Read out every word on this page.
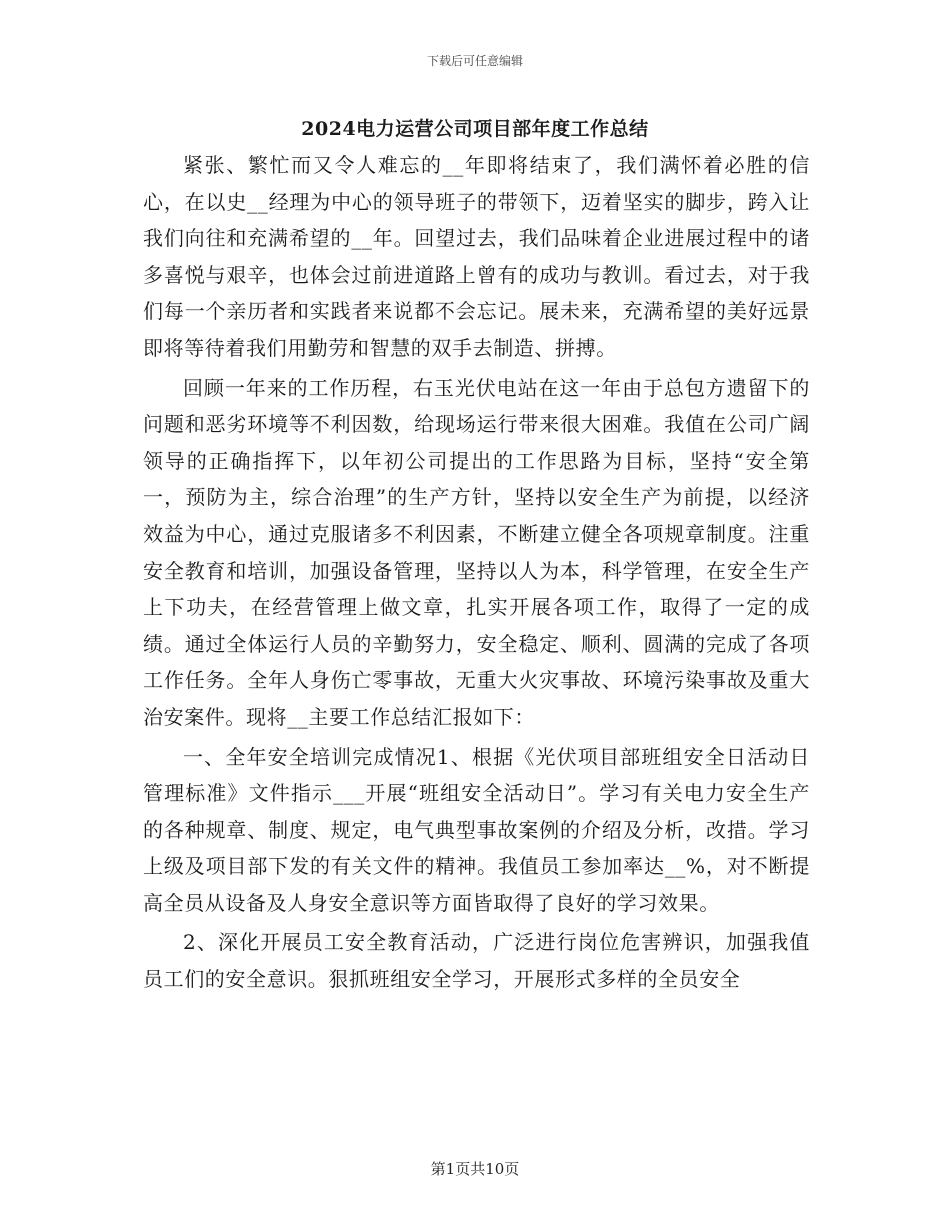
下载后可任意编辑
2024电力运营公司项目部年度工作总结

紧张、繁忙而又令人难忘的__年即将结束了，我们满怀着必胜的信心，在以史__经理为中心的领导班子的带领下，迈着坚实的脚步，跨入让我们向往和充满希望的__年。回望过去，我们品味着企业进展过程中的诸多喜悦与艰辛，也体会过前进道路上曾有的成功与教训。看过去，对于我们每一个亲历者和实践者来说都不会忘记。展未来，充满希望的美好远景即将等待着我们用勤劳和智慧的双手去制造、拼搏。

回顾一年来的工作历程，右玉光伏电站在这一年由于总包方遗留下的问题和恶劣环境等不利因数，给现场运行带来很大困难。我值在公司广阔领导的正确指挥下，以年初公司提出的工作思路为目标，坚持“安全第一，预防为主，综合治理”的生产方针，坚持以安全生产为前提，以经济效益为中心，通过克服诸多不利因素，不断建立健全各项规章制度。注重安全教育和培训，加强设备管理，坚持以人为本，科学管理，在安全生产上下功夫，在经营管理上做文章，扎实开展各项工作，取得了一定的成绩。通过全体运行人员的辛勤努力，安全稳定、顺利、圆满的完成了各项工作任务。全年人身伤亡零事故，无重大火灾事故、环境污染事故及重大治安案件。现将__主要工作总结汇报如下：

一、全年安全培训完成情况1、根据《光伏项目部班组安全日活动日管理标准》文件指示___开展“班组安全活动日”。学习有关电力安全生产的各种规章、制度、规定，电气典型事故案例的介绍及分析，改措。学习上级及项目部下发的有关文件的精神。我值员工参加率达__%，对不断提高全员从设备及人身安全意识等方面皆取得了良好的学习效果。

2、深化开展员工安全教育活动，广泛进行岗位危害辨识，加强我值员工们的安全意识。狠抓班组安全学习，开展形式多样的全员安全

第1页共10页
